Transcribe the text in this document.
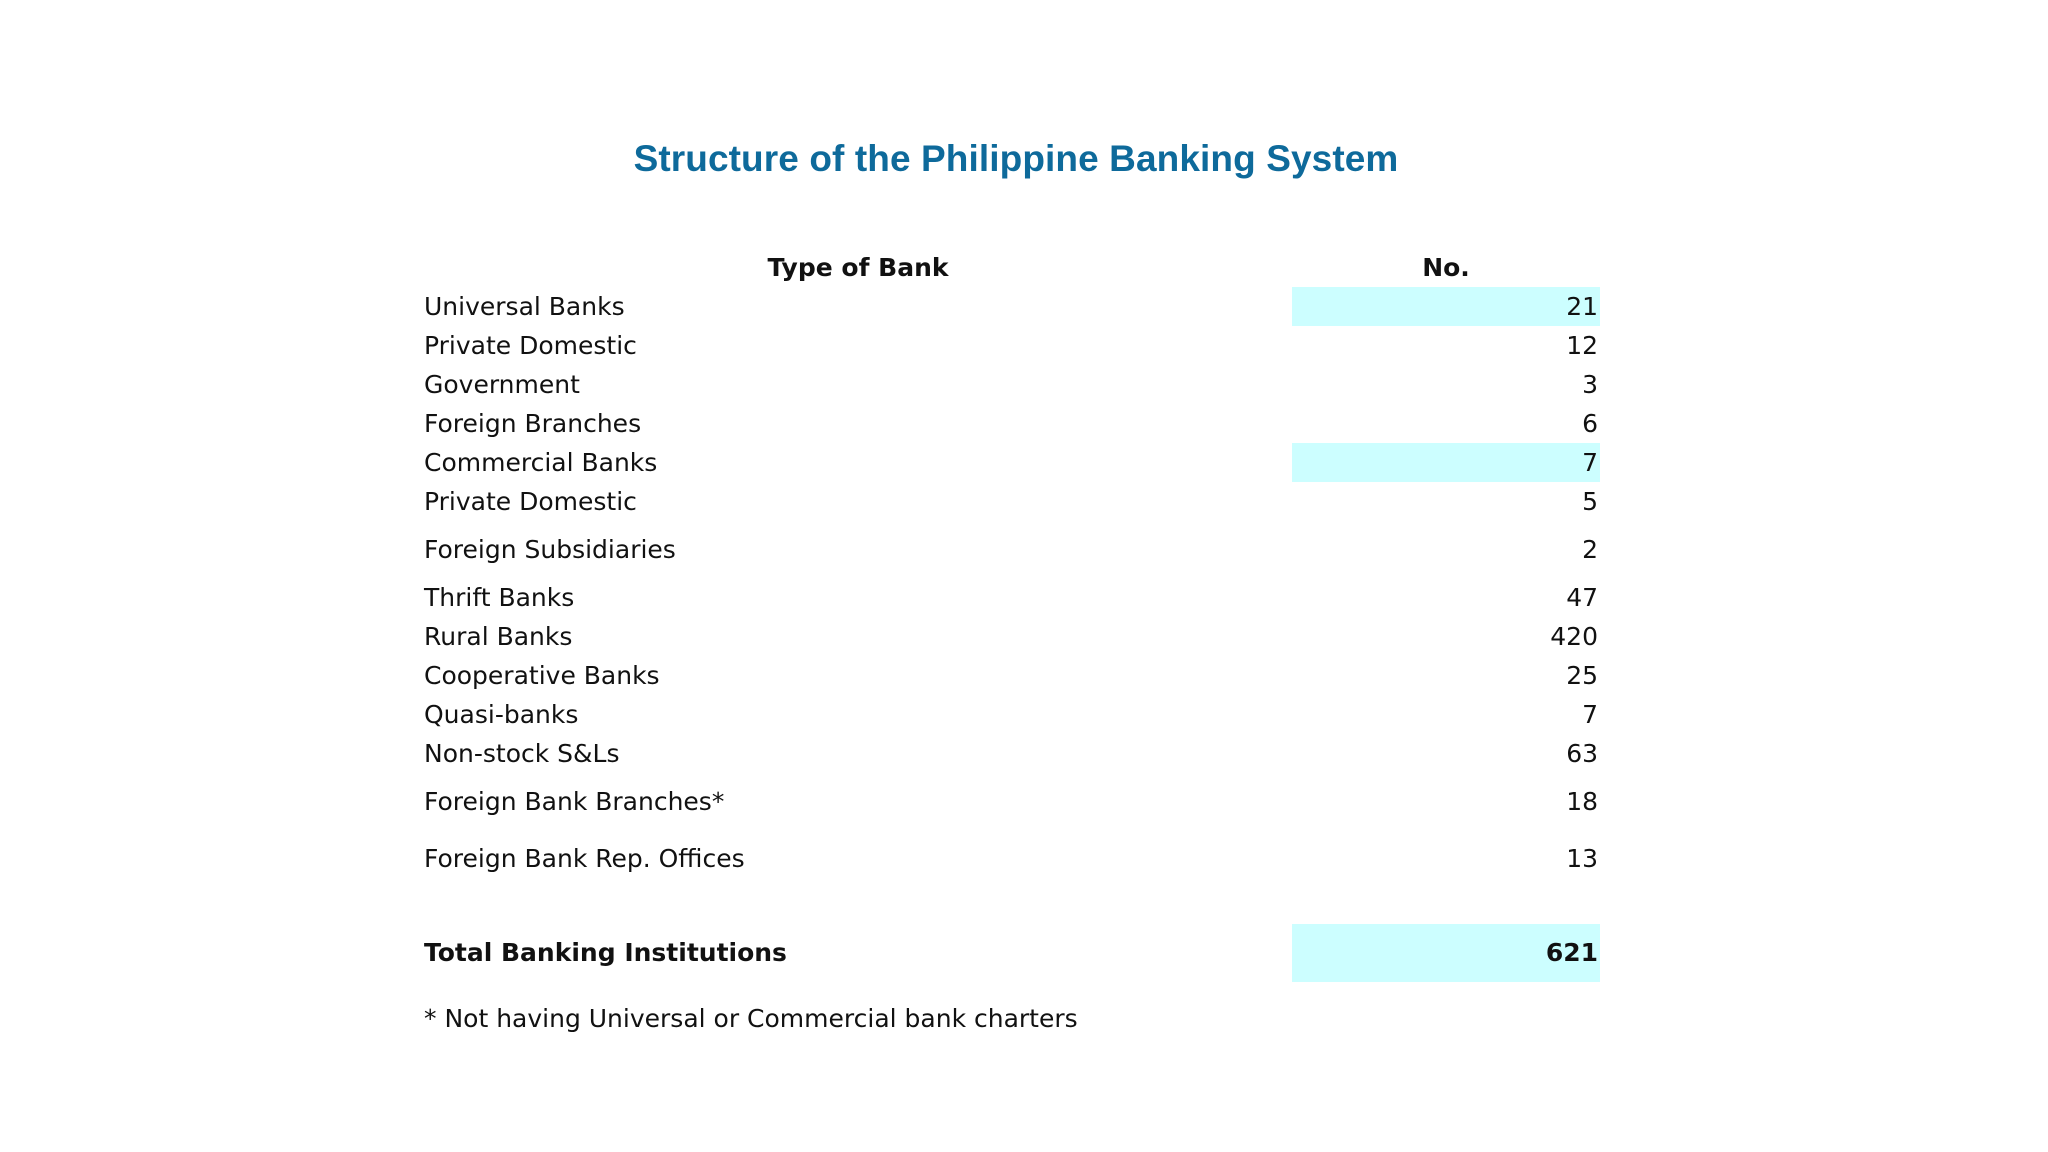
Structure of the Philippine Banking System
Type of Bank	No.
Universal Banks	21
Private Domestic	12
Government	3
Foreign Branches	6
Commercial Banks	7
Private Domestic	5
Foreign Subsidiaries	2
Thrift Banks	47
Rural Banks	420
Cooperative Banks	25
Quasi-banks	7
Non-stock S&Ls	63
Foreign Bank Branches*	18
Foreign Bank Rep. Offices	13
Total Banking Institutions	621
* Not having Universal or Commercial bank charters
